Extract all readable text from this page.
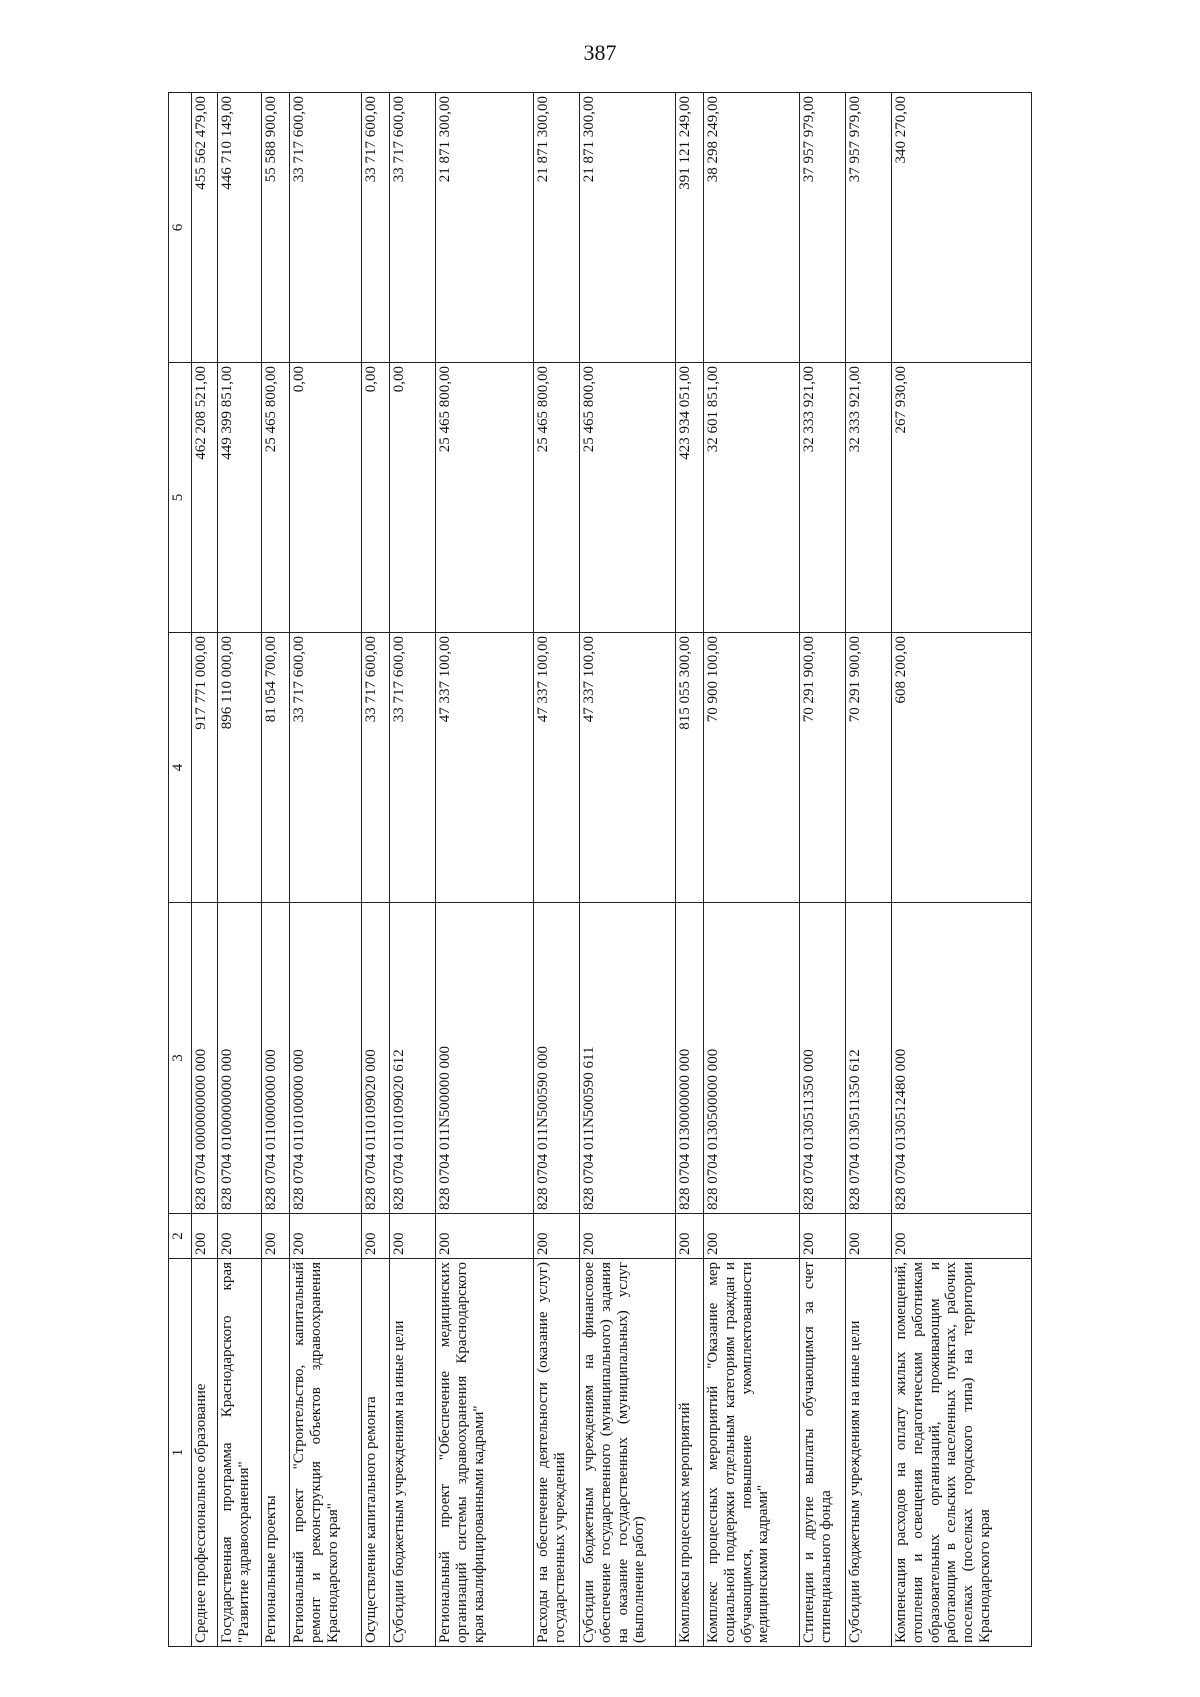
387
1	2	3	4	5	6
Среднее профессиональное образование	200	828 0704 0000000000 000	917 771 000,00	462 208 521,00	455 562 479,00
Государственная программа Краснодарского края "Развитие здравоохранения"	200	828 0704 0100000000 000	896 110 000,00	449 399 851,00	446 710 149,00
Региональные проекты	200	828 0704 0110000000 000	81 054 700,00	25 465 800,00	55 588 900,00
Региональный проект "Строительство, капитальный ремонт и реконструкция объектов здравоохранения Краснодарского края"	200	828 0704 0110100000 000	33 717 600,00	0,00	33 717 600,00
Осуществление капитального ремонта	200	828 0704 0110109020 000	33 717 600,00	0,00	33 717 600,00
Субсидии бюджетным учреждениям на иные цели	200	828 0704 0110109020 612	33 717 600,00	0,00	33 717 600,00
Региональный проект "Обеспечение медицинских организаций системы здравоохранения Краснодарского края квалифицированными кадрами"	200	828 0704 011N500000 000	47 337 100,00	25 465 800,00	21 871 300,00
Расходы на обеспечение деятельности (оказание услуг) государственных учреждений	200	828 0704 011N500590 000	47 337 100,00	25 465 800,00	21 871 300,00
Субсидии бюджетным учреждениям на финансовое обеспечение государственного (муниципального) задания на оказание государственных (муниципальных) услуг (выполнение работ)	200	828 0704 011N500590 611	47 337 100,00	25 465 800,00	21 871 300,00
Комплексы процессных мероприятий	200	828 0704 0130000000 000	815 055 300,00	423 934 051,00	391 121 249,00
Комплекс процессных мероприятий "Оказание мер социальной поддержки отдельным категориям граждан и обучающимся, повышение укомплектованности медицинскими кадрами"	200	828 0704 0130500000 000	70 900 100,00	32 601 851,00	38 298 249,00
Стипендии и другие выплаты обучающимся за счет стипендиального фонда	200	828 0704 0130511350 000	70 291 900,00	32 333 921,00	37 957 979,00
Субсидии бюджетным учреждениям на иные цели	200	828 0704 0130511350 612	70 291 900,00	32 333 921,00	37 957 979,00
Компенсация расходов на оплату жилых помещений, отопления и освещения педагогическим работникам образовательных организаций, проживающим и работающим в сельских населенных пунктах, рабочих поселках (поселках городского типа) на территории Краснодарского края	200	828 0704 0130512480 000	608 200,00	267 930,00	340 270,00
